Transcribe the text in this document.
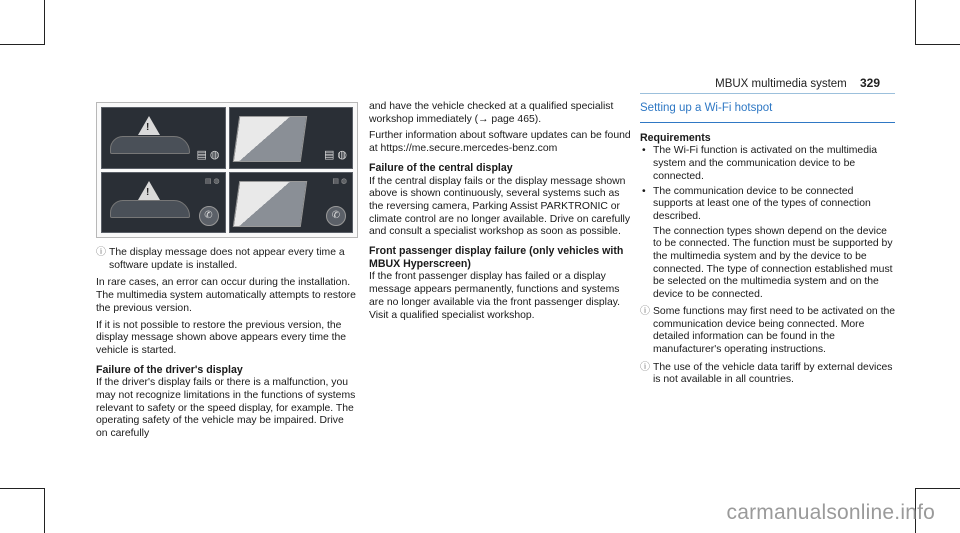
MBUX multimedia system 329
!
▤ ◍	▤ ◍
!
▤ ◍
✆
▤ ◍
✆
ⓘ The display message does not appear every time a software update is installed.

In rare cases, an error can occur during the installation. The multimedia system automatically attempts to restore the previous version.

If it is not possible to restore the previous version, the display message shown above appears every time the vehicle is started.

Failure of the driver's display

If the driver's display fails or there is a malfunction, you may not recognize limitations in the functions of systems relevant to safety or the speed display, for example. The operating safety of the vehicle may be impaired. Drive on carefully

and have the vehicle checked at a qualified specialist workshop immediately (→ page 465).

Further information about software updates can be found at https://me.secure.mercedes-benz.com

Failure of the central display

If the central display fails or the display message shown above is shown continuously, several systems such as the reversing camera, Parking Assist PARKTRONIC or climate control are no longer available. Drive on carefully and consult a specialist workshop as soon as possible.

Front passenger display failure (only vehicles with MBUX Hyperscreen)

If the front passenger display has failed or a display message appears permanently, functions and systems are no longer available via the front passenger display. Visit a qualified specialist workshop.

Setting up a Wi-Fi hotspot
Requirements
• The Wi-Fi function is activated on the multimedia system and the communication device to be connected.
• The communication device to be connected supports at least one of the types of connection described.

The connection types shown depend on the device to be connected. The function must be supported by the multimedia system and by the device to be connected. The type of connection established must be selected on the multimedia system and on the device to be connected.

ⓘ Some functions may first need to be activated on the communication device being connected. More detailed information can be found in the manufacturer's operating instructions.
ⓘ The use of the vehicle data tariff by external devices is not available in all countries.
carmanualsonline.info
